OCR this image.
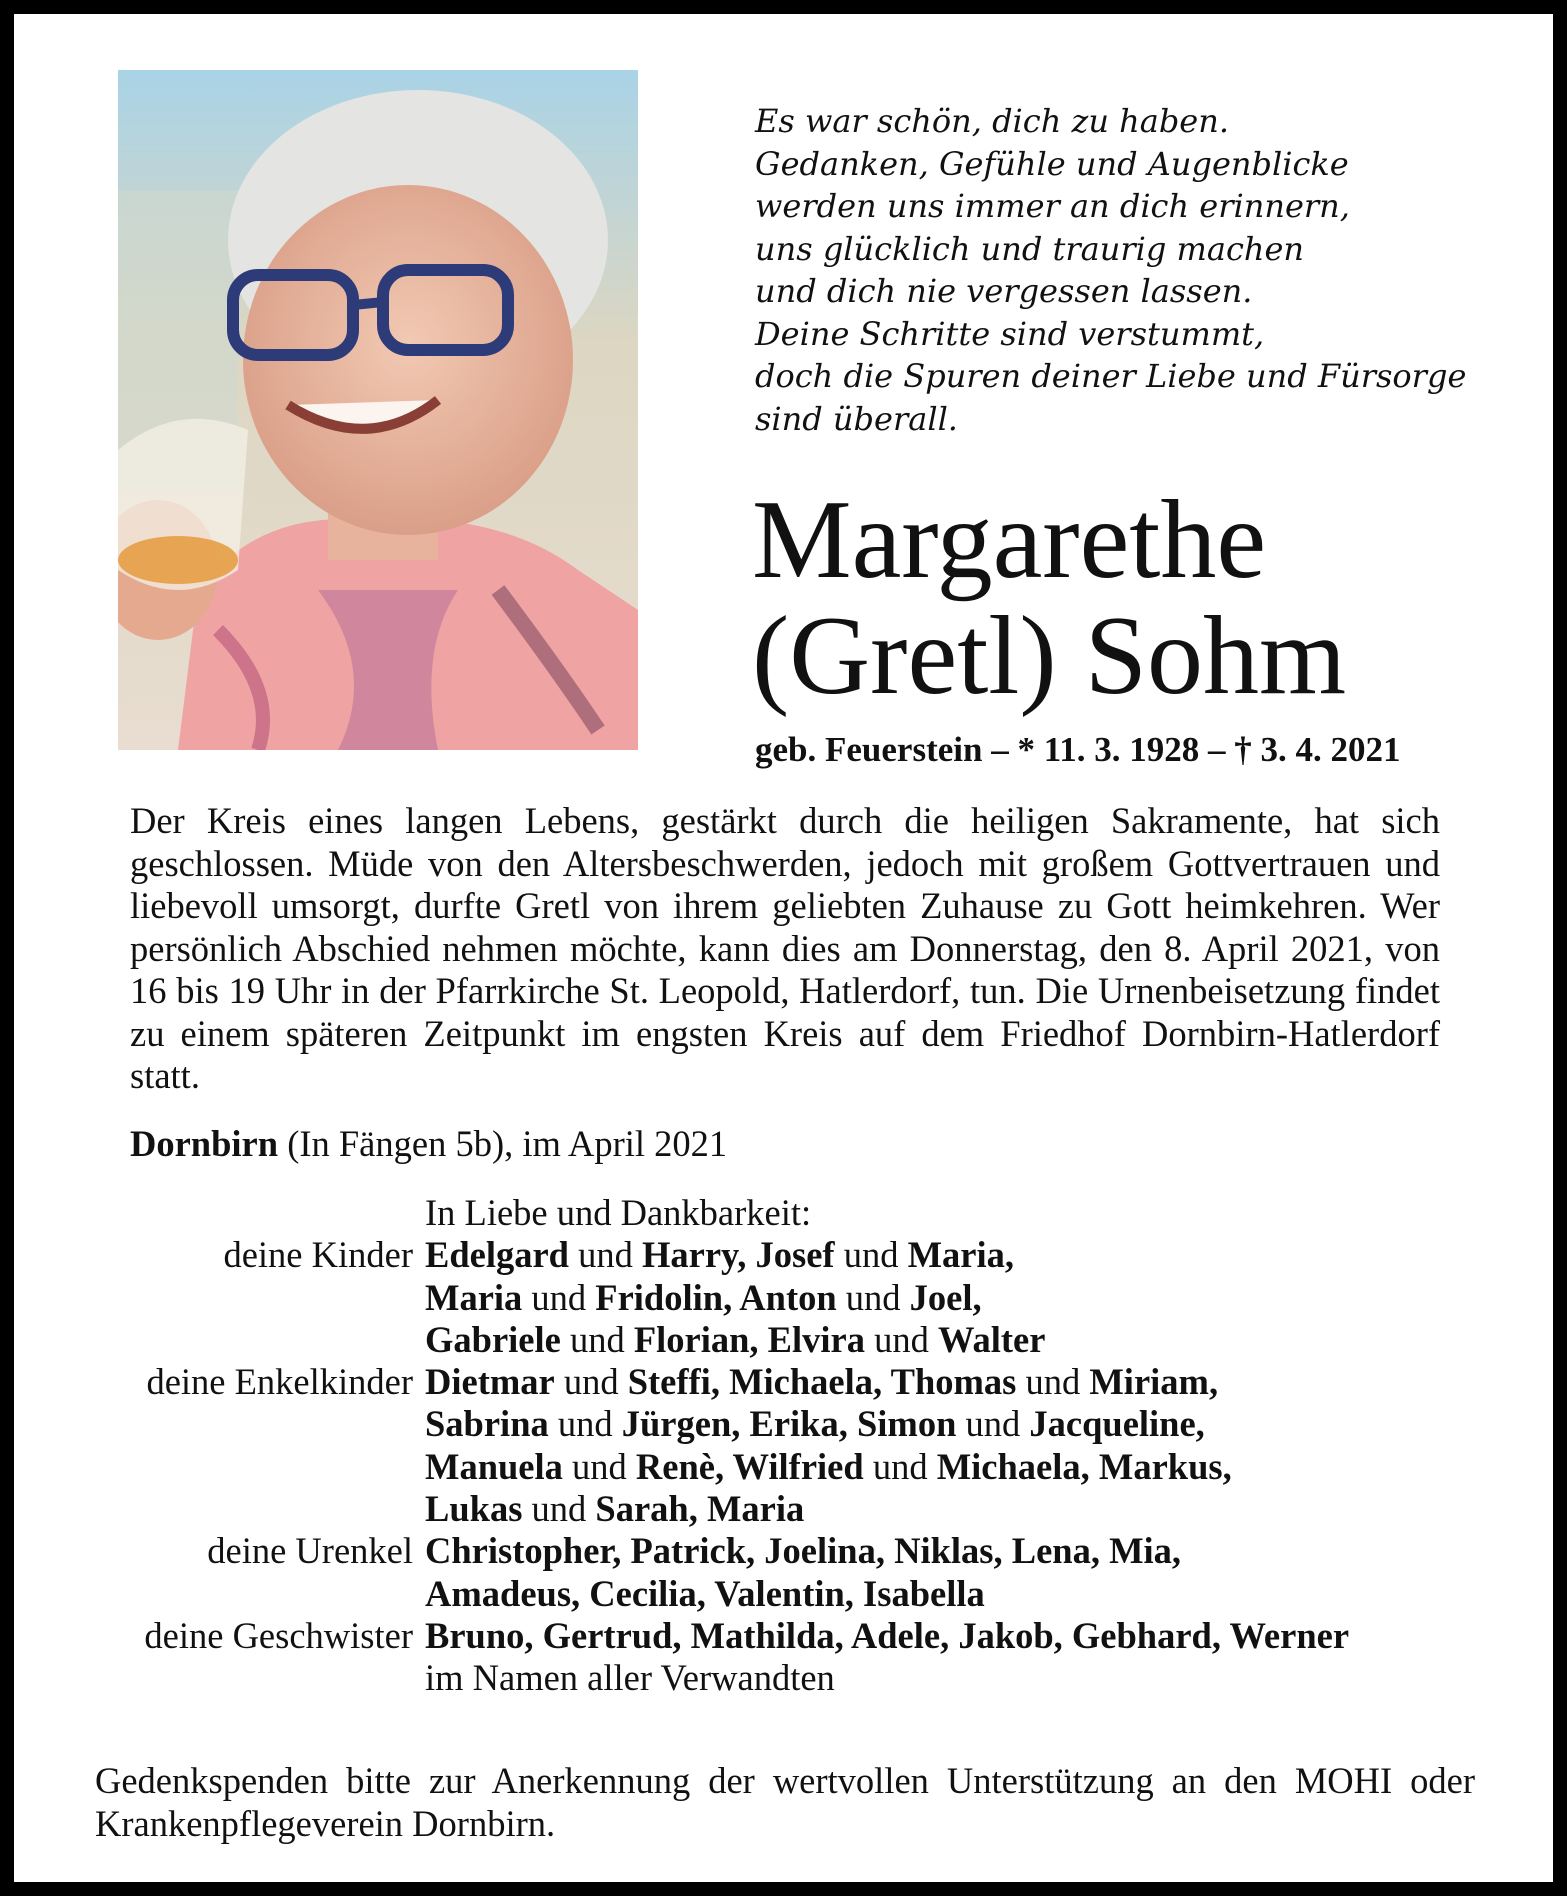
Es war schön, dich zu haben.
Gedanken, Gefühle und Augenblicke
werden uns immer an dich erinnern,
uns glücklich und traurig machen
und dich nie vergessen lassen.
Deine Schritte sind verstummt,
doch die Spuren deiner Liebe und Fürsorge
sind überall.
Margarethe
(Gretl) Sohm
geb. Feuerstein – * 11. 3. 1928 – † 3. 4. 2021
Der Kreis eines langen Lebens, gestärkt durch die heiligen Sakramente, hat sich geschlossen. Müde von den Altersbeschwerden, jedoch mit großem Gottvertrauen und liebevoll umsorgt, durfte Gretl von ihrem geliebten Zuhause zu Gott heimkehren. Wer persönlich Abschied nehmen möchte, kann dies am Donnerstag, den 8. April 2021, von 16 bis 19 Uhr in der Pfarrkirche St. Leopold, Hatlerdorf, tun. Die Urnenbeisetzung findet zu einem späteren Zeitpunkt im engsten Kreis auf dem Friedhof Dornbirn-Hatlerdorf statt.
Dornbirn (In Fängen 5b), im April 2021
In Liebe und Dankbarkeit:
deine Kinder Edelgard und Harry, Josef und Maria,
Maria und Fridolin, Anton und Joel,
Gabriele und Florian, Elvira und Walter
deine Enkelkinder Dietmar und Steffi, Michaela, Thomas und Miriam,
Sabrina und Jürgen, Erika, Simon und Jacqueline,
Manuela und Renè, Wilfried und Michaela, Markus,
Lukas und Sarah, Maria
deine Urenkel Christopher, Patrick, Joelina, Niklas, Lena, Mia,
Amadeus, Cecilia, Valentin, Isabella
deine Geschwister Bruno, Gertrud, Mathilda, Adele, Jakob, Gebhard, Werner
im Namen aller Verwandten
Gedenkspenden bitte zur Anerkennung der wertvollen Unterstützung an den MOHI oder Krankenpflegeverein Dornbirn.
